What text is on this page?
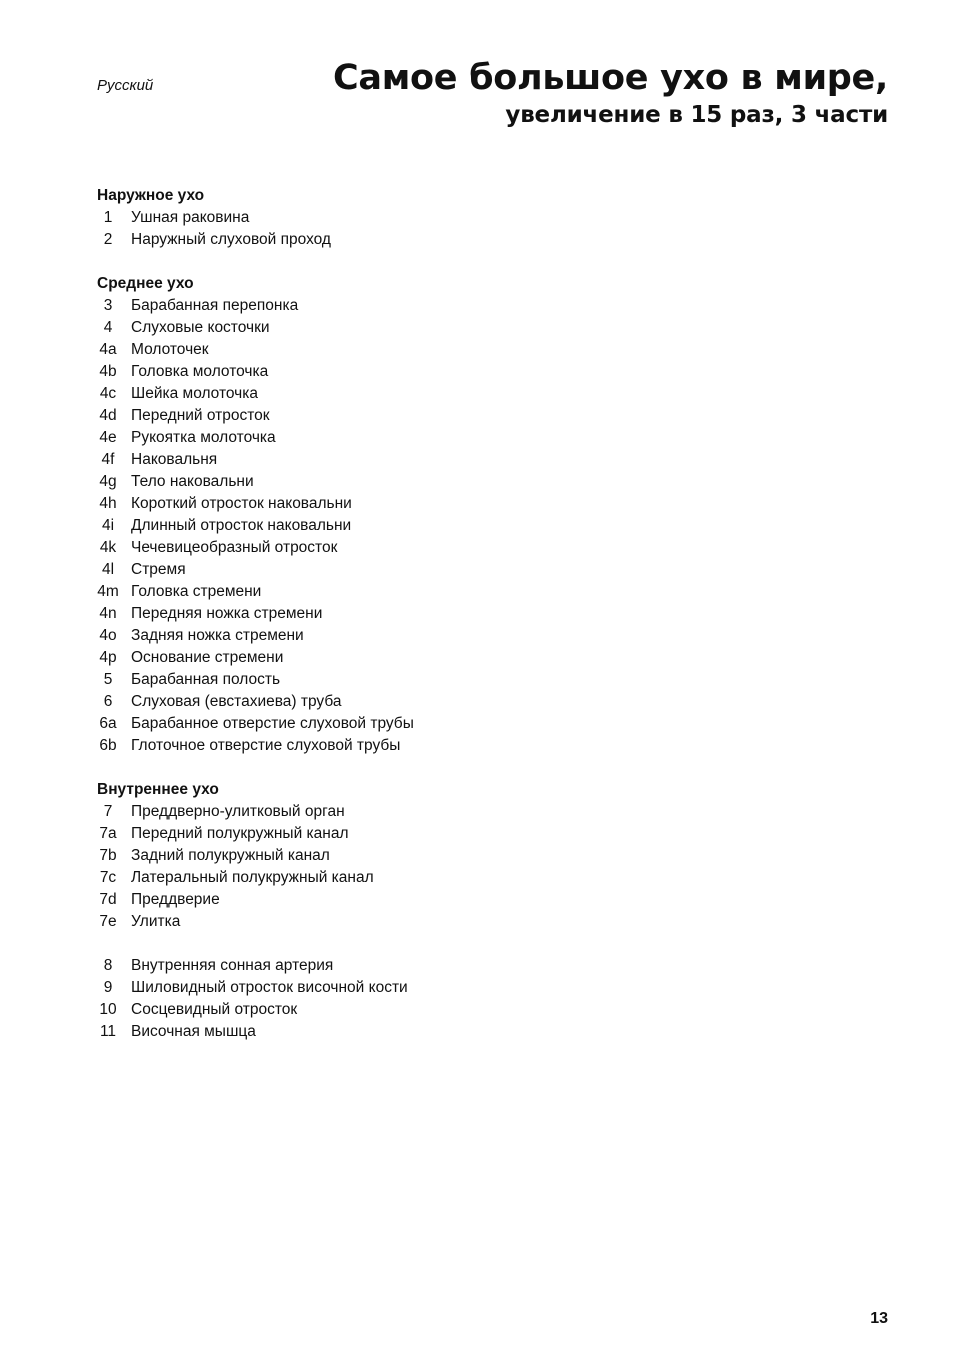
Русский	Самое большое ухо в мире,
увеличение в 15 раз, 3 части
Наружное ухо
1	Ушная раковина
2	Наружный слуховой проход
Среднее ухо
3	Барабанная перепонка
4	Слуховые косточки
4a Молоточек
4b Головка молоточка
4c Шейка молоточка
4d Передний отросток
4e Рукоятка молоточка
4f Наковальня
4g Тело наковальни
4h Короткий отросток наковальни
4i	Длинный отросток наковальни
4k Чечевицеобразный отросток
4l	Стремя
4m Головка стремени
4n Передняя ножка стремени
4o Задняя ножка стремени
4p Основание стремени
5	Барабанная полость
6	Слуховая (евстахиева) труба
6a Барабанное отверстие слуховой трубы
6b Глоточное отверстие слуховой трубы
Внутреннее ухо
7	Преддверно-улитковый орган
7a Передний полукружный канал
7b Задний полукружный канал
7c Латеральный полукружный канал
7d Преддверие
7e Улитка
8	Внутренняя сонная артерия
9	Шиловидный отросток височной кости
10 Сосцевидный отросток
11 Височная мышца
13
